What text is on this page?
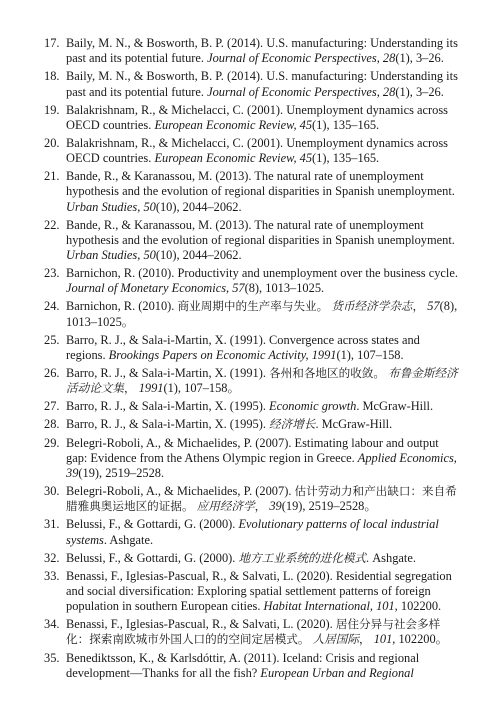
17. Baily, M. N., & Bosworth, B. P. (2014). U.S. manufacturing: Understanding its past and its potential future. Journal of Economic Perspectives, 28(1), 3–26.
18. Baily, M. N., & Bosworth, B. P. (2014). U.S. manufacturing: Understanding its past and its potential future. Journal of Economic Perspectives, 28(1), 3–26.
19. Balakrishnam, R., & Michelacci, C. (2001). Unemployment dynamics across OECD countries. European Economic Review, 45(1), 135–165.
20. Balakrishnam, R., & Michelacci, C. (2001). Unemployment dynamics across OECD countries. European Economic Review, 45(1), 135–165.
21. Bande, R., & Karanassou, M. (2013). The natural rate of unemployment hypothesis and the evolution of regional disparities in Spanish unemployment. Urban Studies, 50(10), 2044–2062.
22. Bande, R., & Karanassou, M. (2013). The natural rate of unemployment hypothesis and the evolution of regional disparities in Spanish unemployment. Urban Studies, 50(10), 2044–2062.
23. Barnichon, R. (2010). Productivity and unemployment over the business cycle. Journal of Monetary Economics, 57(8), 1013–1025.
24. Barnichon, R. (2010). 商业周期中的生产率与失业。 货币经济学杂志， 57(8), 1013–1025。
25. Barro, R. J., & Sala-i-Martin, X. (1991). Convergence across states and regions. Brookings Papers on Economic Activity, 1991(1), 107–158.
26. Barro, R. J., & Sala-i-Martin, X. (1991). 各州和各地区的收敛。 布鲁金斯经济活动论文集， 1991(1), 107–158。
27. Barro, R. J., & Sala-i-Martin, X. (1995). Economic growth. McGraw-Hill.
28. Barro, R. J., & Sala-i-Martin, X. (1995). 经济增长. McGraw-Hill.
29. Belegri-Roboli, A., & Michaelides, P. (2007). Estimating labour and output gap: Evidence from the Athens Olympic region in Greece. Applied Economics, 39(19), 2519–2528.
30. Belegri-Roboli, A., & Michaelides, P. (2007). 估计劳动力和产出缺口：来自希腊雅典奥运地区的证据。 应用经济学， 39(19), 2519–2528。
31. Belussi, F., & Gottardi, G. (2000). Evolutionary patterns of local industrial systems. Ashgate.
32. Belussi, F., & Gottardi, G. (2000). 地方工业系统的进化模式. Ashgate.
33. Benassi, F., Iglesias-Pascual, R., & Salvati, L. (2020). Residential segregation and social diversification: Exploring spatial settlement patterns of foreign population in southern European cities. Habitat International, 101, 102200.
34. Benassi, F., Iglesias-Pascual, R., & Salvati, L. (2020). 居住分异与社会多样化：探索南欧城市外国人口的的空间定居模式。 人居国际， 101, 102200。
35. Benediktsson, K., & Karlsdóttir, A. (2011). Iceland: Crisis and regional development—Thanks for all the fish? European Urban and Regional
